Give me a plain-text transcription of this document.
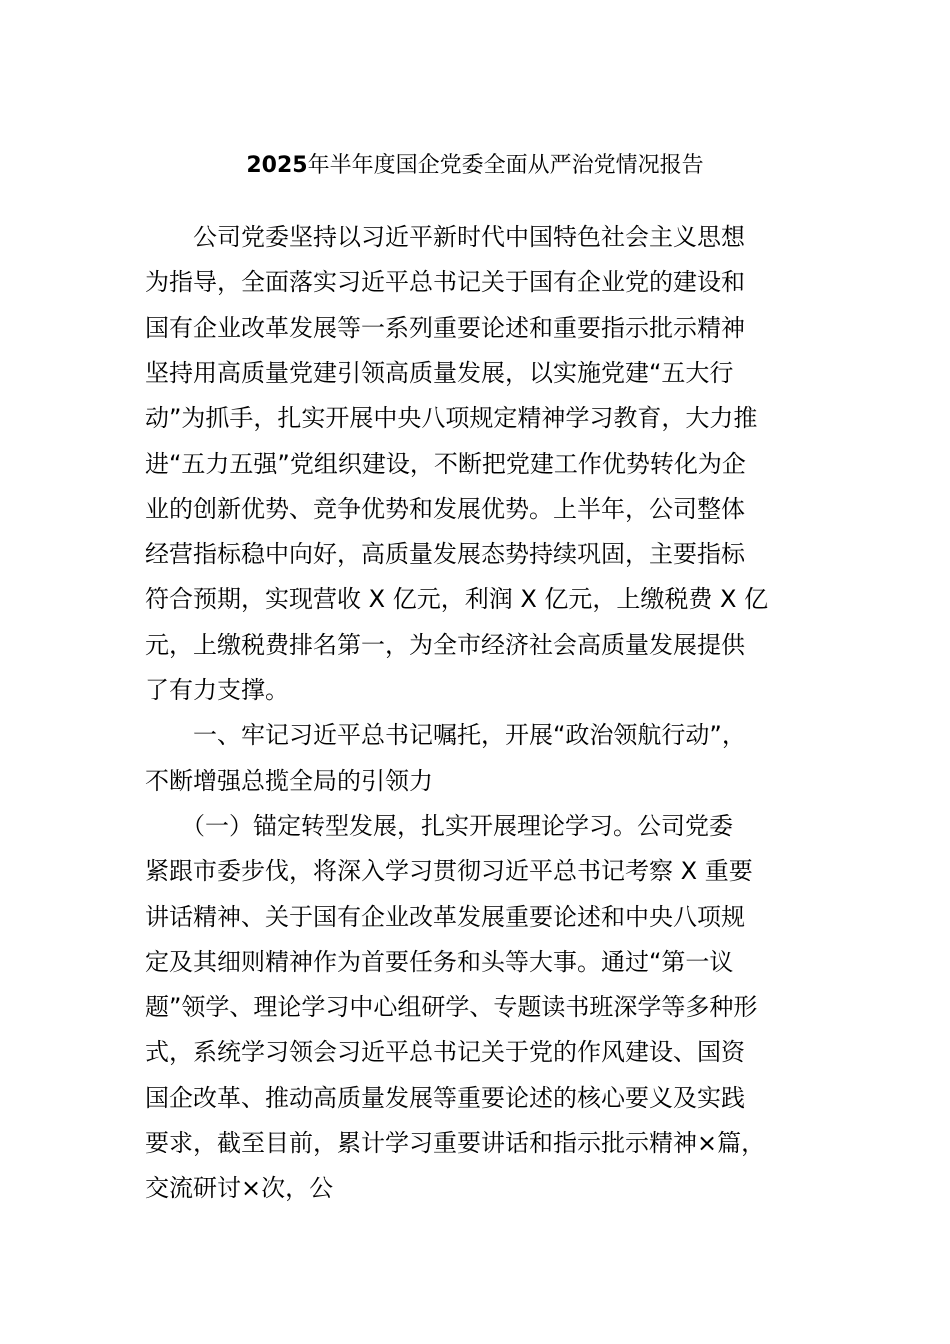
2025年半年度国企党委全面从严治党情况报告
　　公司党委坚持以习近平新时代中国特色社会主义思想
为指导，全面落实习近平总书记关于国有企业党的建设和
国有企业改革发展等一系列重要论述和重要指示批示精神
坚持用高质量党建引领高质量发展，以实施党建“五大行
动”为抓手，扎实开展中央八项规定精神学习教育，大力推
进“五力五强”党组织建设，不断把党建工作优势转化为企
业的创新优势、竞争优势和发展优势。上半年，公司整体
经营指标稳中向好，高质量发展态势持续巩固，主要指标
符合预期，实现营收 X 亿元，利润 X 亿元，上缴税费 X 亿
元，上缴税费排名第一，为全市经济社会高质量发展提供
了有力支撑。
　　一、牢记习近平总书记嘱托，开展“政治领航行动”，
不断增强总揽全局的引领力
　　（一）锚定转型发展，扎实开展理论学习。公司党委
紧跟市委步伐，将深入学习贯彻习近平总书记考察 X 重要
讲话精神、关于国有企业改革发展重要论述和中央八项规
定及其细则精神作为首要任务和头等大事。通过“第一议
题”领学、理论学习中心组研学、专题读书班深学等多种形
式，系统学习领会习近平总书记关于党的作风建设、国资
国企改革、推动高质量发展等重要论述的核心要义及实践
要求，截至目前，累计学习重要讲话和指示批示精神×篇，
交流研讨×次，公
